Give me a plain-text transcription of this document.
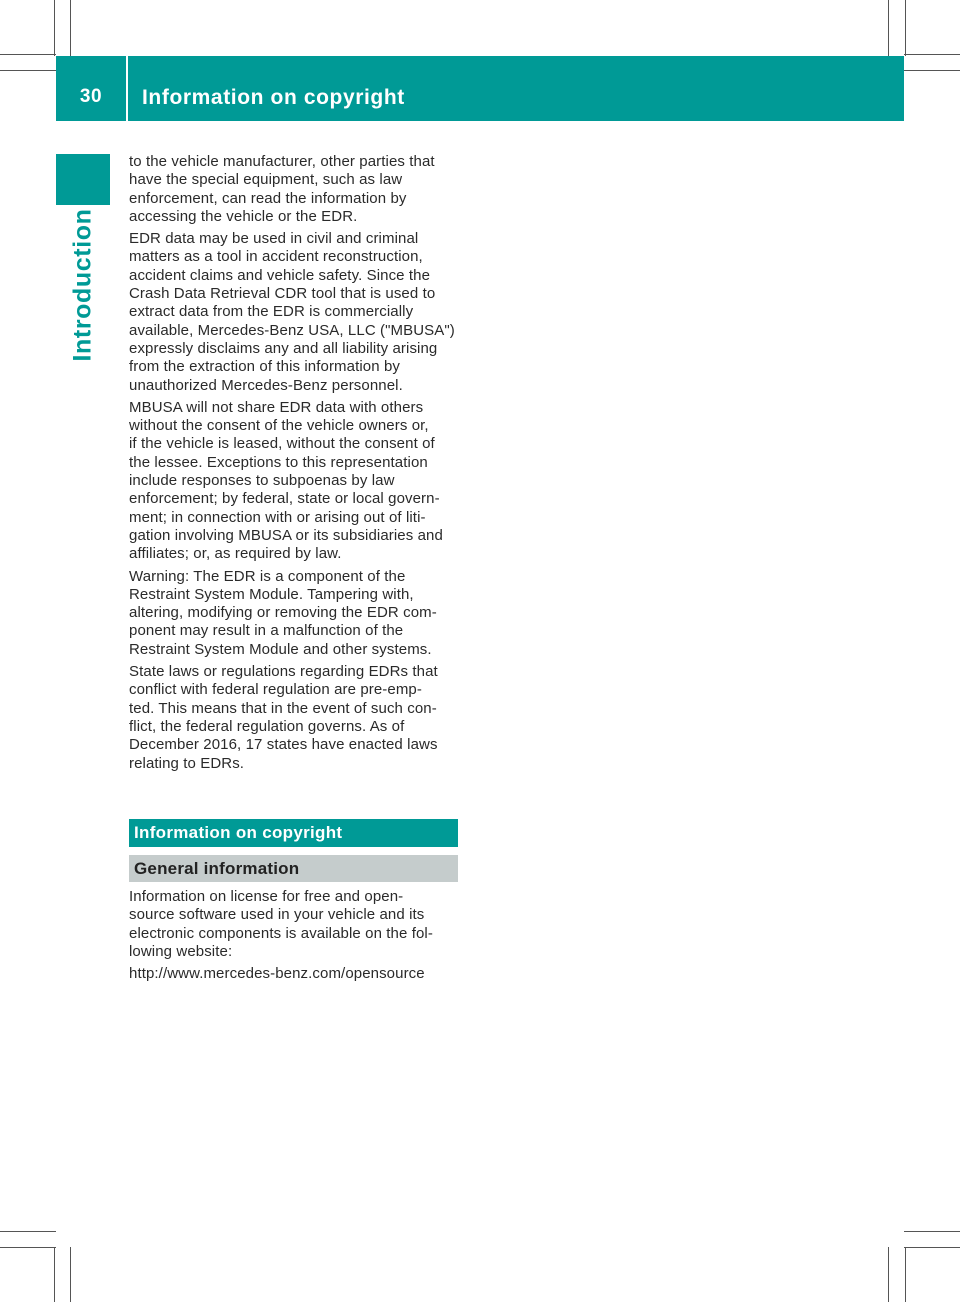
30	Information on copyright
Introduction

to the vehicle manufacturer, other parties that
have the special equipment, such as law
enforcement, can read the information by
accessing the vehicle or the EDR.

EDR data may be used in civil and criminal
matters as a tool in accident reconstruction,
accident claims and vehicle safety. Since the
Crash Data Retrieval CDR tool that is used to
extract data from the EDR is commercially
available, Mercedes-Benz USA, LLC ("MBUSA")
expressly disclaims any and all liability arising
from the extraction of this information by
unauthorized Mercedes-Benz personnel.

MBUSA will not share EDR data with others
without the consent of the vehicle owners or,
if the vehicle is leased, without the consent of
the lessee. Exceptions to this representation
include responses to subpoenas by law
enforcement; by federal, state or local govern-
ment; in connection with or arising out of liti-
gation involving MBUSA or its subsidiaries and
affiliates; or, as required by law.

Warning: The EDR is a component of the
Restraint System Module. Tampering with,
altering, modifying or removing the EDR com-
ponent may result in a malfunction of the
Restraint System Module and other systems.

State laws or regulations regarding EDRs that
conflict with federal regulation are pre-emp-
ted. This means that in the event of such con-
flict, the federal regulation governs. As of
December 2016, 17 states have enacted laws
relating to EDRs.

Information on copyright
General information

Information on license for free and open-
source software used in your vehicle and its
electronic components is available on the fol-
lowing website:

http://www.mercedes-benz.com/opensource
